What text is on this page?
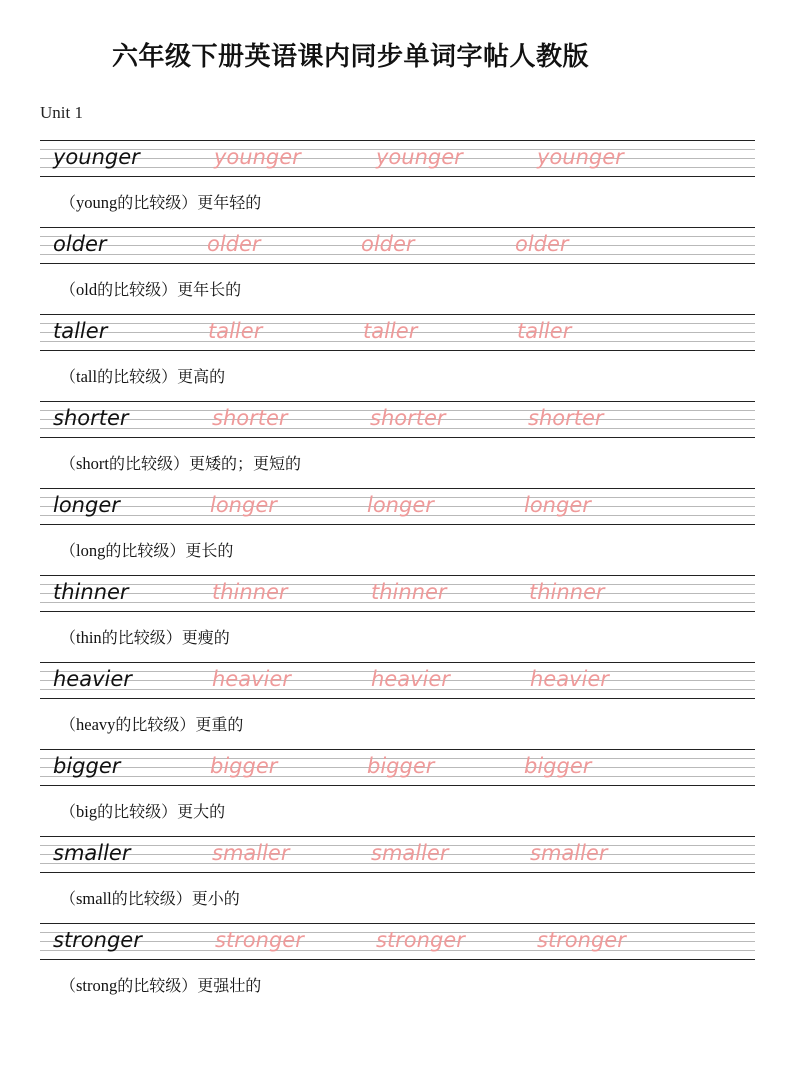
六年级下册英语课内同步单词字帖人教版
Unit 1
younger	younger	younger	younger
（young的比较级）更年轻的
older	older	older	older
（old的比较级）更年长的
taller	taller	taller	taller
（tall的比较级）更高的
shorter	shorter	shorter	shorter
（short的比较级）更矮的；更短的
longer	longer	longer	longer
（long的比较级）更长的
thinner	thinner	thinner	thinner
（thin的比较级）更瘦的
heavier	heavier	heavier	heavier
（heavy的比较级）更重的
bigger	bigger	bigger	bigger
（big的比较级）更大的
smaller	smaller	smaller	smaller
（small的比较级）更小的
stronger	stronger	stronger	stronger
（strong的比较级）更强壮的
